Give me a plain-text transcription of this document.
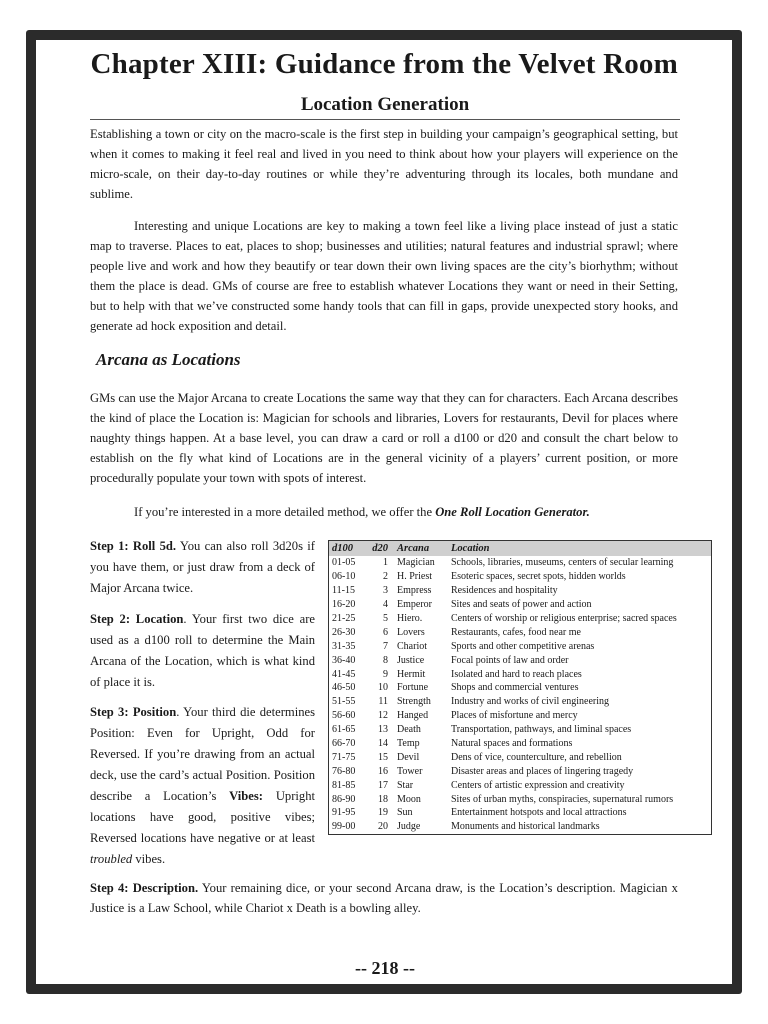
Chapter XIII: Guidance from the Velvet Room
Location Generation

Establishing a town or city on the macro-scale is the first step in building your campaign’s geographical setting, but when it comes to making it feel real and lived in you need to think about how your players will experience on the micro-scale, on their day-to-day routines or while they’re adventuring through its locales, both mundane and sublime.

Interesting and unique Locations are key to making a town feel like a living place instead of just a static map to traverse. Places to eat, places to shop; businesses and utilities; natural features and industrial sprawl; where people live and work and how they beautify or tear down their own living spaces are the city’s biorhythm; without them the place is dead. GMs of course are free to establish whatever Locations they want or need in their Setting, but to help with that we’ve constructed some handy tools that can fill in gaps, provide unexpected story hooks, and generate ad hock exposition and detail.

Arcana as Locations

GMs can use the Major Arcana to create Locations the same way that they can for characters. Each Arcana describes the kind of place the Location is: Magician for schools and libraries, Lovers for restaurants, Devil for places where naughty things happen. At a base level, you can draw a card or roll a d100 or d20 and consult the chart below to establish on the fly what kind of Locations are in the general vicinity of a players’ current position, or more procedurally populate your town with spots of interest.

If you’re interested in a more detailed method, we offer the One Roll Location Generator.

Step 1: Roll 5d. You can also roll 3d20s if you have them, or just draw from a deck of Major Arcana twice.

Step 2: Location. Your first two dice are used as a d100 roll to determine the Main Arcana of the Location, which is what kind of place it is.

Step 3: Position. Your third die determines Position: Even for Upright, Odd for Reversed. If you’re drawing from an actual deck, use the card’s actual Position. Position describe a Location’s Vibes: Upright locations have good, positive vibes; Reversed locations have negative or at least troubled vibes.

d100	d20	Arcana	Location
01-05	1	Magician	Schools, libraries, museums, centers of secular learning
06-10	2	H. Priest	Esoteric spaces, secret spots, hidden worlds
11-15	3	Empress	Residences and hospitality
16-20	4	Emperor	Sites and seats of power and action
21-25	5	Hiero.	Centers of worship or religious enterprise; sacred spaces
26-30	6	Lovers	Restaurants, cafes, food near me
31-35	7	Chariot	Sports and other competitive arenas
36-40	8	Justice	Focal points of law and order
41-45	9	Hermit	Isolated and hard to reach places
46-50	10	Fortune	Shops and commercial ventures
51-55	11	Strength	Industry and works of civil engineering
56-60	12	Hanged	Places of misfortune and mercy
61-65	13	Death	Transportation, pathways, and liminal spaces
66-70	14	Temp	Natural spaces and formations
71-75	15	Devil	Dens of vice, counterculture, and rebellion
76-80	16	Tower	Disaster areas and places of lingering tragedy
81-85	17	Star	Centers of artistic expression and creativity
86-90	18	Moon	Sites of urban myths, conspiracies, supernatural rumors
91-95	19	Sun	Entertainment hotspots and local attractions
99-00	20	Judge	Monuments and historical landmarks

Step 4: Description. Your remaining dice, or your second Arcana draw, is the Location’s description. Magician x Justice is a Law School, while Chariot x Death is a bowling alley.

-- 218 --
